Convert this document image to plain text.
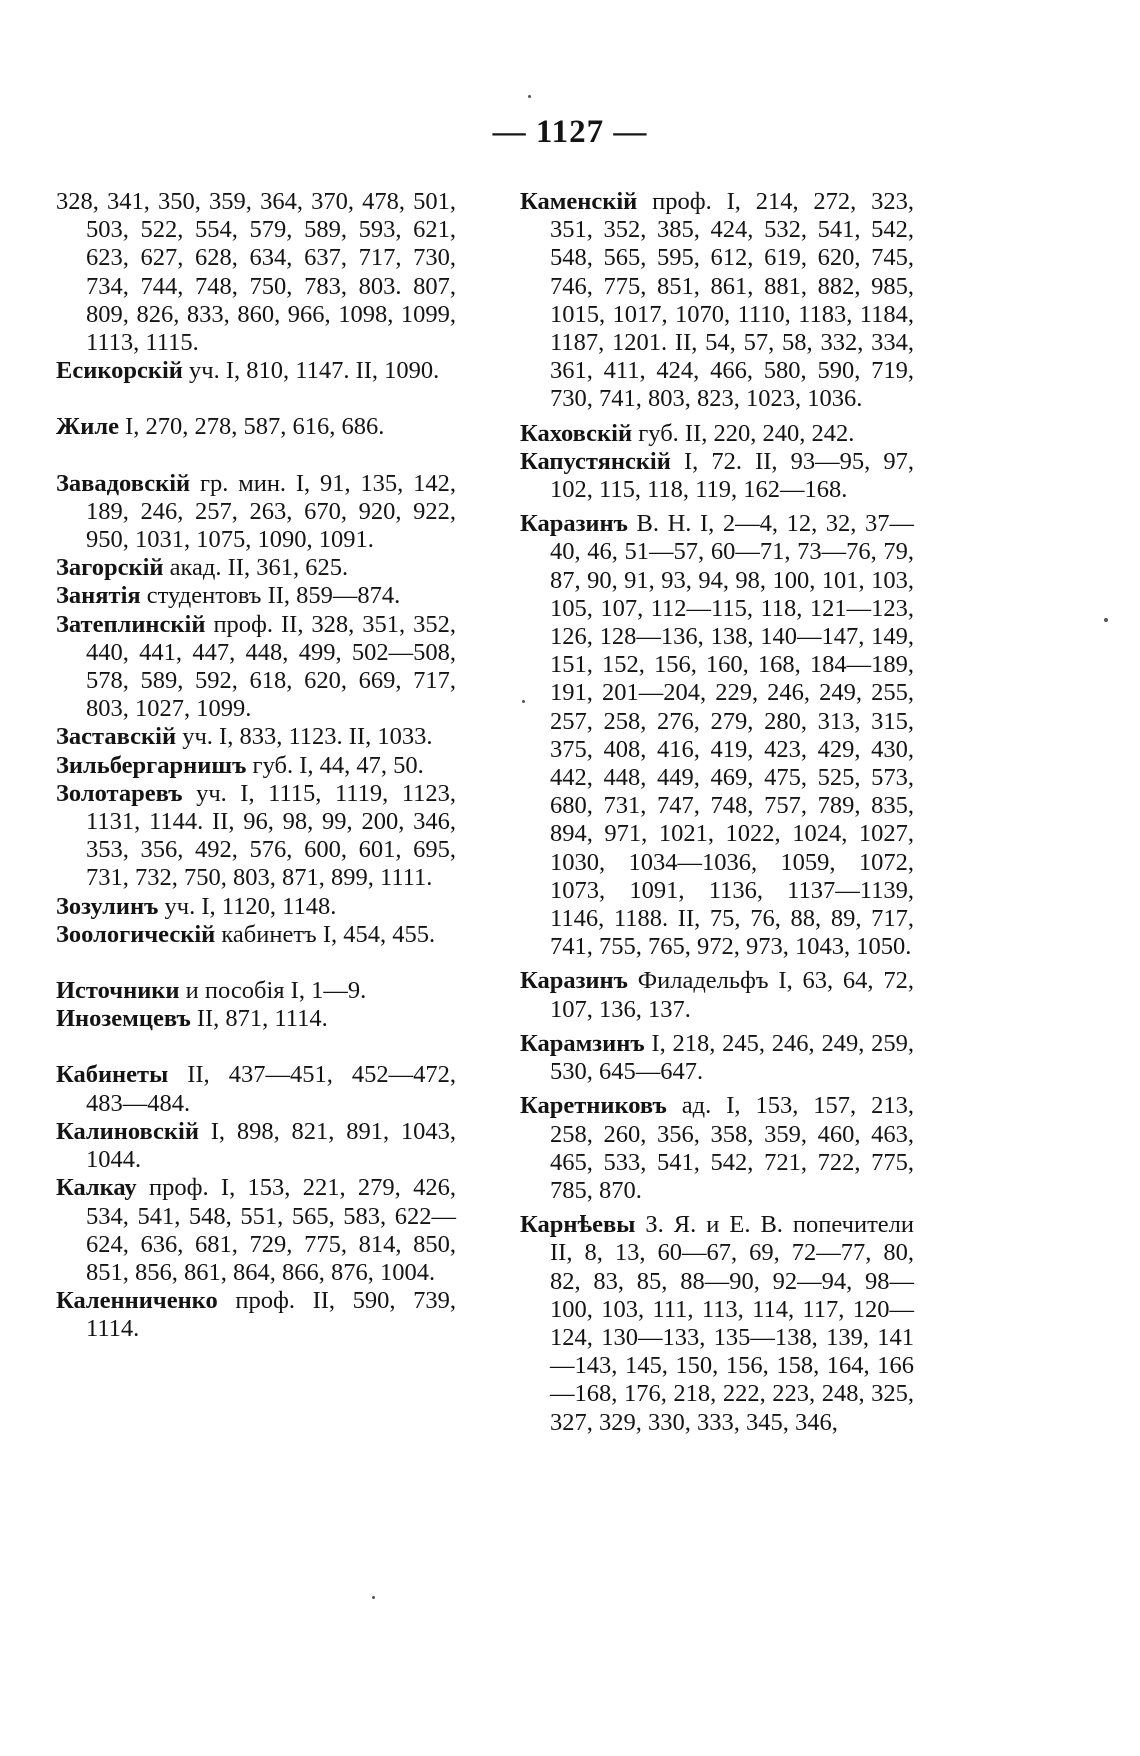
— 1127 —

328, 341, 350, 359, 364, 370, 478, 501, 503, 522, 554, 579, 589, 593, 621, 623, 627, 628, 634, 637, 717, 730, 734, 744, 748, 750, 783, 803. 807, 809, 826, 833, 860, 966, 1098, 1099, 1113, 1115.

Есикорскій уч. I, 810, 1147. II, 1090.

Жиле I, 270, 278, 587, 616, 686.

Завадовскій гр. мин. I, 91, 135, 142, 189, 246, 257, 263, 670, 920, 922, 950, 1031, 1075, 1090, 1091.

Загорскій акад. II, 361, 625.

Занятія студентовъ II, 859—874.

Затеплинскій проф. II, 328, 351, 352, 440, 441, 447, 448, 499, 502—508, 578, 589, 592, 618, 620, 669, 717, 803, 1027, 1099.

Заставскій уч. I, 833, 1123. II, 1033.

Зильбергарнишъ губ. I, 44, 47, 50.

Золотаревъ уч. I, 1115, 1119, 1123, 1131, 1144. II, 96, 98, 99, 200, 346, 353, 356, 492, 576, 600, 601, 695, 731, 732, 750, 803, 871, 899, 1111.

Зозулинъ уч. I, 1120, 1148.

Зоологическій кабинетъ I, 454, 455.

Источники и пособія I, 1—9.

Иноземцевъ II, 871, 1114.

Кабинеты II, 437—451, 452—472, 483—484.

Калиновскій I, 898, 821, 891, 1043, 1044.

Калкау проф. I, 153, 221, 279, 426, 534, 541, 548, 551, 565, 583, 622—624, 636, 681, 729, 775, 814, 850, 851, 856, 861, 864, 866, 876, 1004.

Каленниченко проф. II, 590, 739, 1114.

Каменскій проф. I, 214, 272, 323, 351, 352, 385, 424, 532, 541, 542, 548, 565, 595, 612, 619, 620, 745, 746, 775, 851, 861, 881, 882, 985, 1015, 1017, 1070, 1110, 1183, 1184, 1187, 1201. II, 54, 57, 58, 332, 334, 361, 411, 424, 466, 580, 590, 719, 730, 741, 803, 823, 1023, 1036.

Каховскій губ. II, 220, 240, 242.

Капустянскій I, 72. II, 93—95, 97, 102, 115, 118, 119, 162—168.

Каразинъ В. Н. I, 2—4, 12, 32, 37—40, 46, 51—57, 60—71, 73—76, 79, 87, 90, 91, 93, 94, 98, 100, 101, 103, 105, 107, 112—115, 118, 121—123, 126, 128—136, 138, 140—147, 149, 151, 152, 156, 160, 168, 184—189, 191, 201—204, 229, 246, 249, 255, 257, 258, 276, 279, 280, 313, 315, 375, 408, 416, 419, 423, 429, 430, 442, 448, 449, 469, 475, 525, 573, 680, 731, 747, 748, 757, 789, 835, 894, 971, 1021, 1022, 1024, 1027, 1030, 1034—1036, 1059, 1072, 1073, 1091, 1136, 1137—1139, 1146, 1188. II, 75, 76, 88, 89, 717, 741, 755, 765, 972, 973, 1043, 1050.

Каразинъ Филадельфъ I, 63, 64, 72, 107, 136, 137.

Карамзинъ I, 218, 245, 246, 249, 259, 530, 645—647.

Каретниковъ ад. I, 153, 157, 213, 258, 260, 356, 358, 359, 460, 463, 465, 533, 541, 542, 721, 722, 775, 785, 870.

Карнѣевы З. Я. и Е. В. попечители II, 8, 13, 60—67, 69, 72—77, 80, 82, 83, 85, 88—90, 92—94, 98—100, 103, 111, 113, 114, 117, 120—124, 130—133, 135—138, 139, 141—143, 145, 150, 156, 158, 164, 166—168, 176, 218, 222, 223, 248, 325, 327, 329, 330, 333, 345, 346,
